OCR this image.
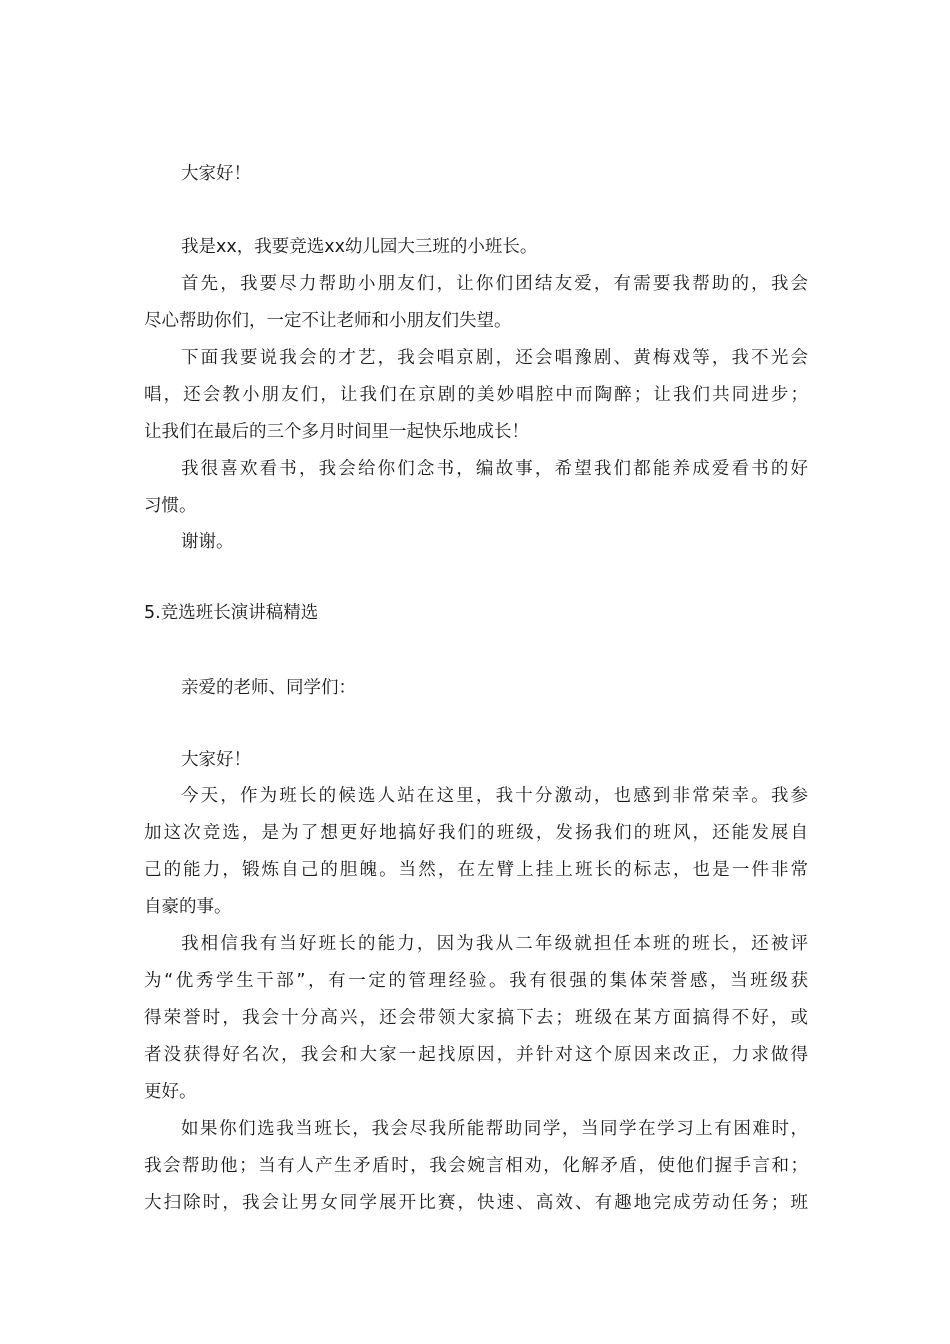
大家好！
我是xx，我要竞选xx幼儿园大三班的小班长。
首先，我要尽力帮助小朋友们，让你们团结友爱，有需要我帮助的，我会
尽心帮助你们，一定不让老师和小朋友们失望。
下面我要说我会的才艺，我会唱京剧，还会唱豫剧、黄梅戏等，我不光会
唱，还会教小朋友们，让我们在京剧的美妙唱腔中而陶醉；让我们共同进步；
让我们在最后的三个多月时间里一起快乐地成长！
我很喜欢看书，我会给你们念书，编故事，希望我们都能养成爱看书的好
习惯。
谢谢。
5.竞选班长演讲稿精选
亲爱的老师、同学们：
大家好！
今天，作为班长的候选人站在这里，我十分激动，也感到非常荣幸。我参
加这次竞选，是为了想更好地搞好我们的班级，发扬我们的班风，还能发展自
己的能力，锻炼自己的胆魄。当然，在左臂上挂上班长的标志，也是一件非常
自豪的事。
我相信我有当好班长的能力，因为我从二年级就担任本班的班长，还被评
为“优秀学生干部”，有一定的管理经验。我有很强的集体荣誉感，当班级获
得荣誉时，我会十分高兴，还会带领大家搞下去；班级在某方面搞得不好，或
者没获得好名次，我会和大家一起找原因，并针对这个原因来改正，力求做得
更好。
如果你们选我当班长，我会尽我所能帮助同学，当同学在学习上有困难时，
我会帮助他；当有人产生矛盾时，我会婉言相劝，化解矛盾，使他们握手言和；
大扫除时，我会让男女同学展开比赛，快速、高效、有趣地完成劳动任务；班
